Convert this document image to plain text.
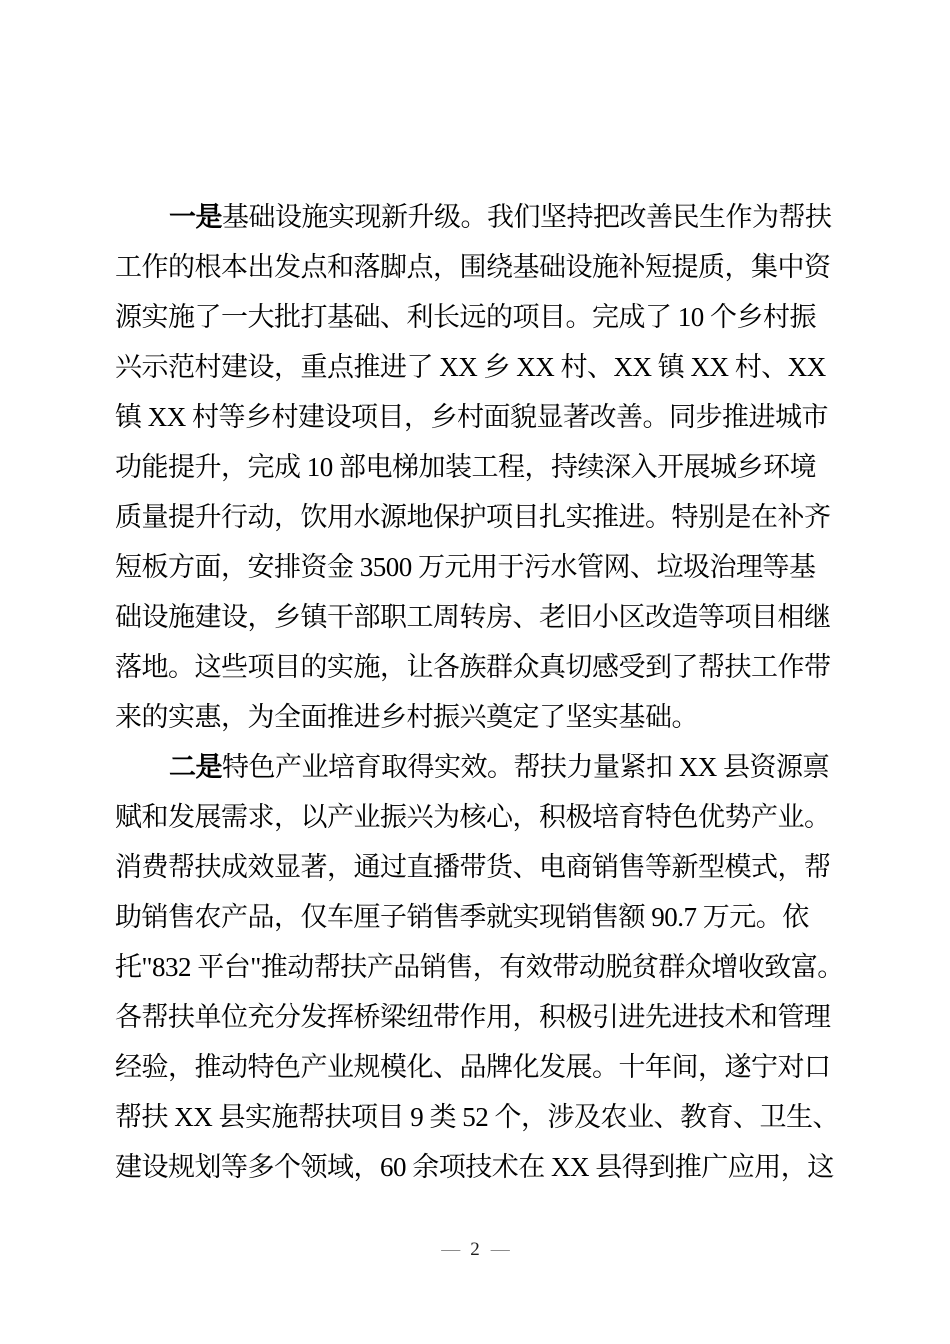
一是基础设施实现新升级。我们坚持把改善民生作为帮扶
工作的根本出发点和落脚点，围绕基础设施补短提质，集中资
源实施了一大批打基础、利长远的项目。完成了 10 个乡村振
兴示范村建设，重点推进了 XX 乡 XX 村、XX 镇 XX 村、XX
镇 XX 村等乡村建设项目，乡村面貌显著改善。同步推进城市
功能提升，完成 10 部电梯加装工程，持续深入开展城乡环境
质量提升行动，饮用水源地保护项目扎实推进。特别是在补齐
短板方面，安排资金 3500 万元用于污水管网、垃圾治理等基
础设施建设，乡镇干部职工周转房、老旧小区改造等项目相继
落地。这些项目的实施，让各族群众真切感受到了帮扶工作带
来的实惠，为全面推进乡村振兴奠定了坚实基础。
二是特色产业培育取得实效。帮扶力量紧扣 XX 县资源禀
赋和发展需求，以产业振兴为核心，积极培育特色优势产业。
消费帮扶成效显著，通过直播带货、电商销售等新型模式，帮
助销售农产品，仅车厘子销售季就实现销售额 90.7 万元。依
托"832 平台"推动帮扶产品销售，有效带动脱贫群众增收致富。
各帮扶单位充分发挥桥梁纽带作用，积极引进先进技术和管理
经验，推动特色产业规模化、品牌化发展。十年间，遂宁对口
帮扶 XX 县实施帮扶项目 9 类 52 个，涉及农业、教育、卫生、
建设规划等多个领域，60 余项技术在 XX 县得到推广应用，这
— 2 —
